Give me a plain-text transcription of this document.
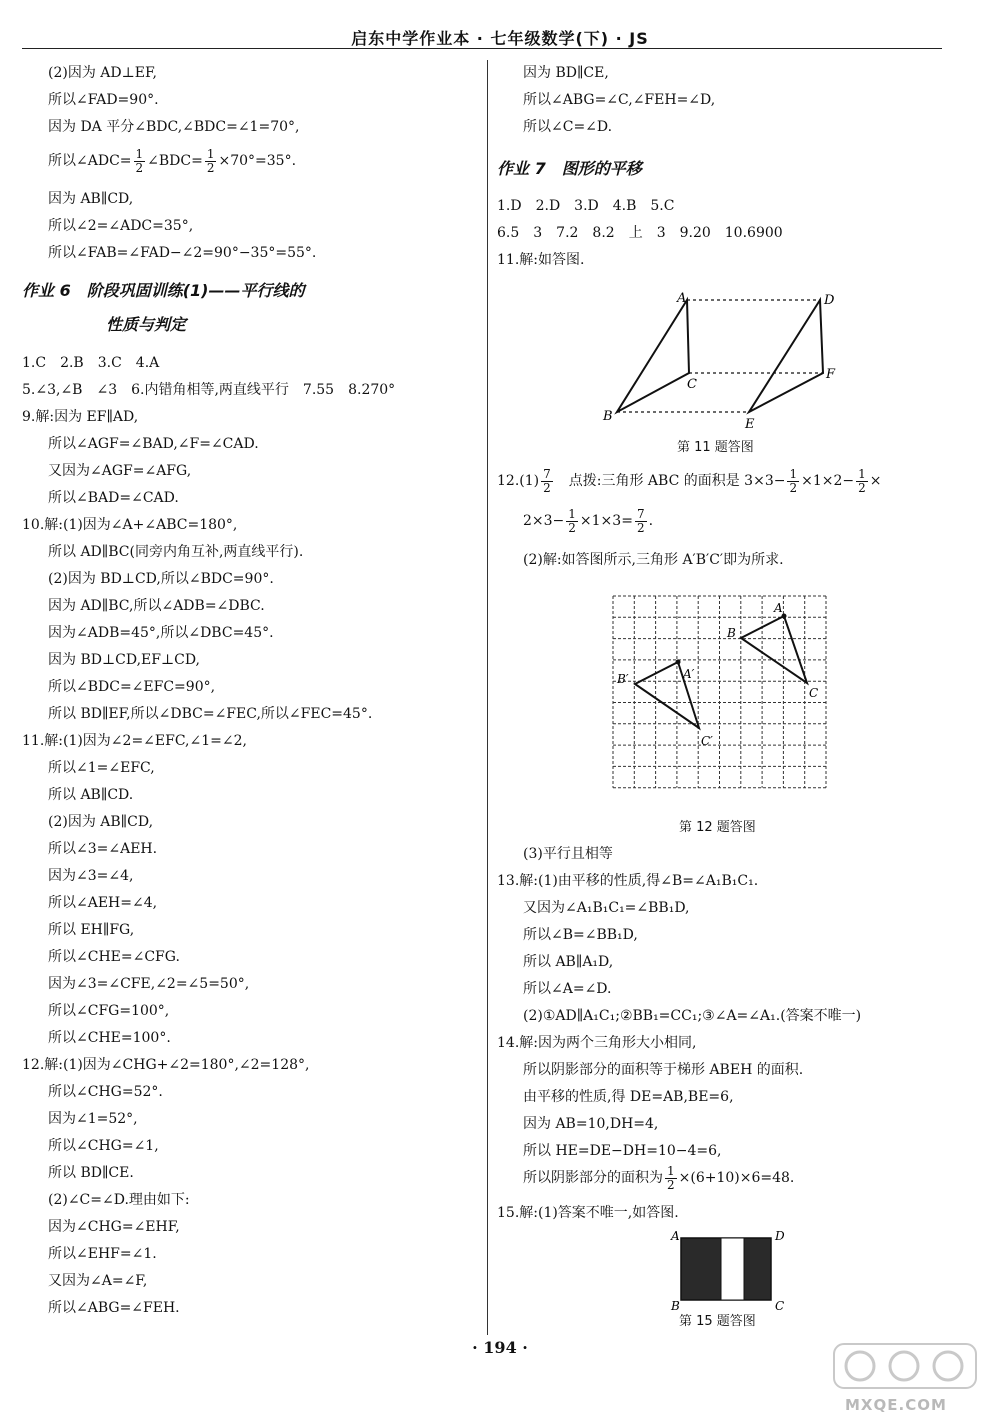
启东中学作业本 · 七年级数学(下) · JS
(2)因为 AD⊥EF,
所以∠FAD=90°.
因为 DA 平分∠BDC,∠BDC=∠1=70°,
所以∠ADC= $\frac{1}{2}$ ∠BDC= $\frac{1}{2} \times 70^\circ=35^\circ$.
因为 AB∥CD,
所以∠2=∠ADC=35°,
所以∠FAB=∠FAD−∠2=90°−35°=55°.
作业 6　阶段巩固训练(1)——平行线的
性质与判定
1.C　2.B　3.C　4.A
5.∠3,∠B　∠3　6.内错角相等,两直线平行　7.55　8.270°
9.解:因为 EF∥AD,
所以∠AGF=∠BAD,∠F=∠CAD.
又因为∠AGF=∠AFG,
所以∠BAD=∠CAD.
10.解:(1)因为∠A+∠ABC=180°,
所以 AD∥BC(同旁内角互补,两直线平行).
(2)因为 BD⊥CD,所以∠BDC=90°.
因为 AD∥BC,所以∠ADB=∠DBC.
因为∠ADB=45°,所以∠DBC=45°.
因为 BD⊥CD,EF⊥CD,
所以∠BDC=∠EFC=90°,
所以 BD∥EF,所以∠DBC=∠FEC,所以∠FEC=45°.
11.解:(1)因为∠2=∠EFC,∠1=∠2,
所以∠1=∠EFC,
所以 AB∥CD.
(2)因为 AB∥CD,
所以∠3=∠AEH.
因为∠3=∠4,
所以∠AEH=∠4,
所以 EH∥FG,
所以∠CHE=∠CFG.
因为∠3=∠CFE,∠2=∠5=50°,
所以∠CFG=100°,
所以∠CHE=100°.
12.解:(1)因为∠CHG+∠2=180°,∠2=128°,
所以∠CHG=52°.
因为∠1=52°,
所以∠CHG=∠1,
所以 BD∥CE.
(2)∠C=∠D.理由如下:
因为∠CHG=∠EHF,
所以∠EHF=∠1.
又因为∠A=∠F,
所以∠ABG=∠FEH.
因为 BD∥CE,
所以∠ABG=∠C,∠FEH=∠D,
所以∠C=∠D.
作业 7　图形的平移
1.D　2.D　3.D　4.B　5.C
6.5　3　7.2　8.2　上　3　9.20　10.6900
11.解:如答图.
A	D
C
F
B
E
第 11 题答图
$12.(1) \frac{7}{2}$ 　点拨:三角形 ABC 的面积是 $3\times 3- \frac{1}{2} \times 1\times 2- \frac{1}{2}$ ×
$2\times 3- \frac{1}{2} \times 1\times 3= \frac{7}{2}$ .
(2)解:如答图所示,三角形 A′B′C′即为所求.
A
B
C
B′	A′
C′
第 12 题答图
(3)平行且相等
13.解:(1)由平移的性质,得∠B=∠A₁B₁C₁.
又因为∠A₁B₁C₁=∠BB₁D,
所以∠B=∠BB₁D,
所以 AB∥A₁D,
所以∠A=∠D.
(2)①AD∥A₁C₁;②BB₁=CC₁;③∠A=∠A₁.(答案不唯一)
14.解:因为两个三角形大小相同,
所以阴影部分的面积等于梯形 ABEH 的面积.
由平移的性质,得 DE=AB,BE=6,
因为 AB=10,DH=4,
所以 HE=DE−DH=10−4=6,
所以阴影部分的面积为 $\frac{1}{2} \times(6+10)\times 6=48$.
15.解:(1)答案不唯一,如答图.
A	D
B	C
第 15 题答图
· 194 ·
MXQE.COM
